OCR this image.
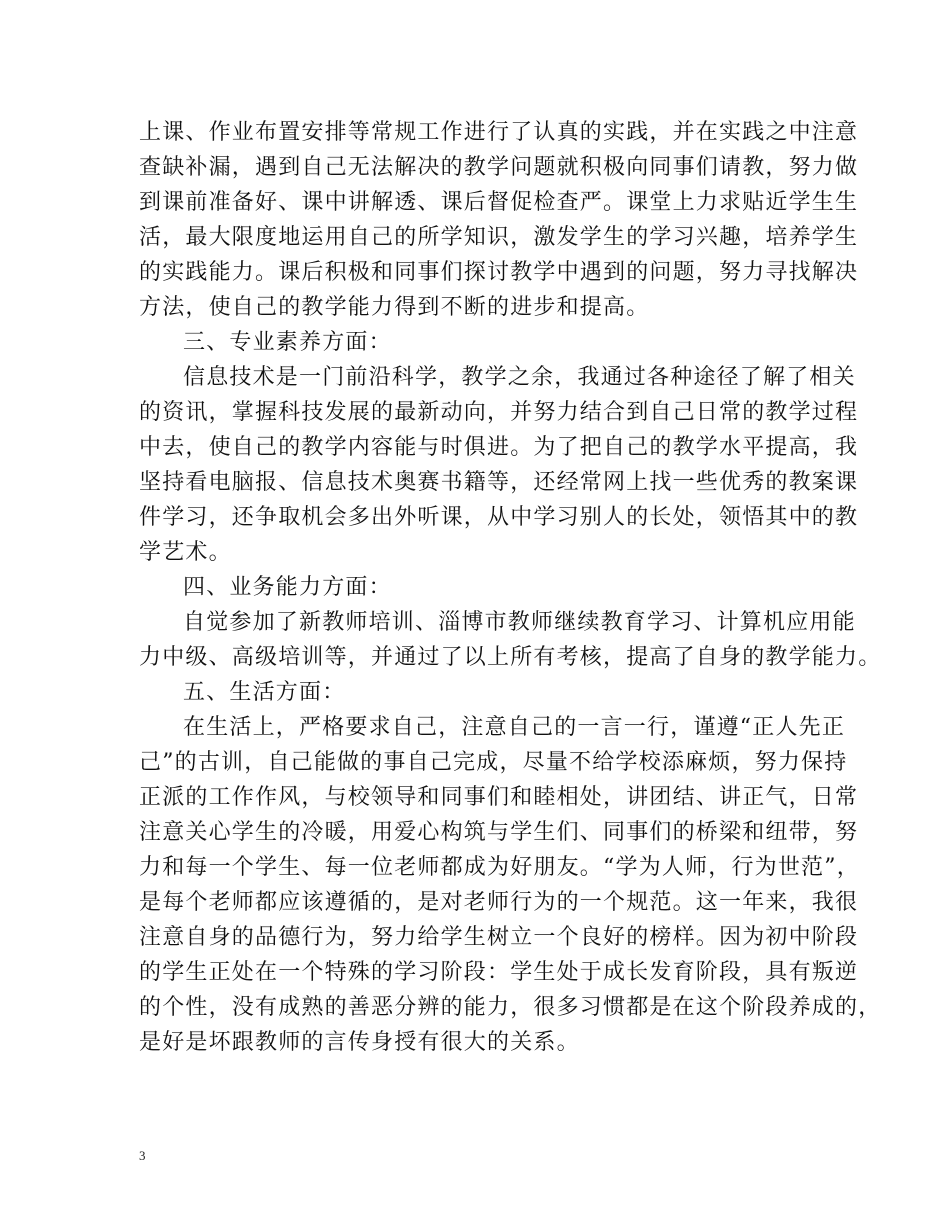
上课、作业布置安排等常规工作进行了认真的实践，并在实践之中注意
查缺补漏，遇到自己无法解决的教学问题就积极向同事们请教，努力做
到课前准备好、课中讲解透、课后督促检查严。课堂上力求贴近学生生
活，最大限度地运用自己的所学知识，激发学生的学习兴趣，培养学生
的实践能力。课后积极和同事们探讨教学中遇到的问题，努力寻找解决
方法，使自己的教学能力得到不断的进步和提高。
三、专业素养方面：
信息技术是一门前沿科学，教学之余，我通过各种途径了解了相关
的资讯，掌握科技发展的最新动向，并努力结合到自己日常的教学过程
中去，使自己的教学内容能与时俱进。为了把自己的教学水平提高，我
坚持看电脑报、信息技术奥赛书籍等，还经常网上找一些优秀的教案课
件学习，还争取机会多出外听课，从中学习别人的长处，领悟其中的教
学艺术。
四、业务能力方面：
自觉参加了新教师培训、淄博市教师继续教育学习、计算机应用能
力中级、高级培训等，并通过了以上所有考核，提高了自身的教学能力。
五、生活方面：
在生活上，严格要求自己，注意自己的一言一行，谨遵“正人先正
己”的古训，自己能做的事自己完成，尽量不给学校添麻烦，努力保持
正派的工作作风，与校领导和同事们和睦相处，讲团结、讲正气，日常
注意关心学生的冷暖，用爱心构筑与学生们、同事们的桥梁和纽带，努
力和每一个学生、每一位老师都成为好朋友。“学为人师，行为世范”，
是每个老师都应该遵循的，是对老师行为的一个规范。这一年来，我很
注意自身的品德行为，努力给学生树立一个良好的榜样。因为初中阶段
的学生正处在一个特殊的学习阶段：学生处于成长发育阶段，具有叛逆
的个性，没有成熟的善恶分辨的能力，很多习惯都是在这个阶段养成的，
是好是坏跟教师的言传身授有很大的关系。
3
